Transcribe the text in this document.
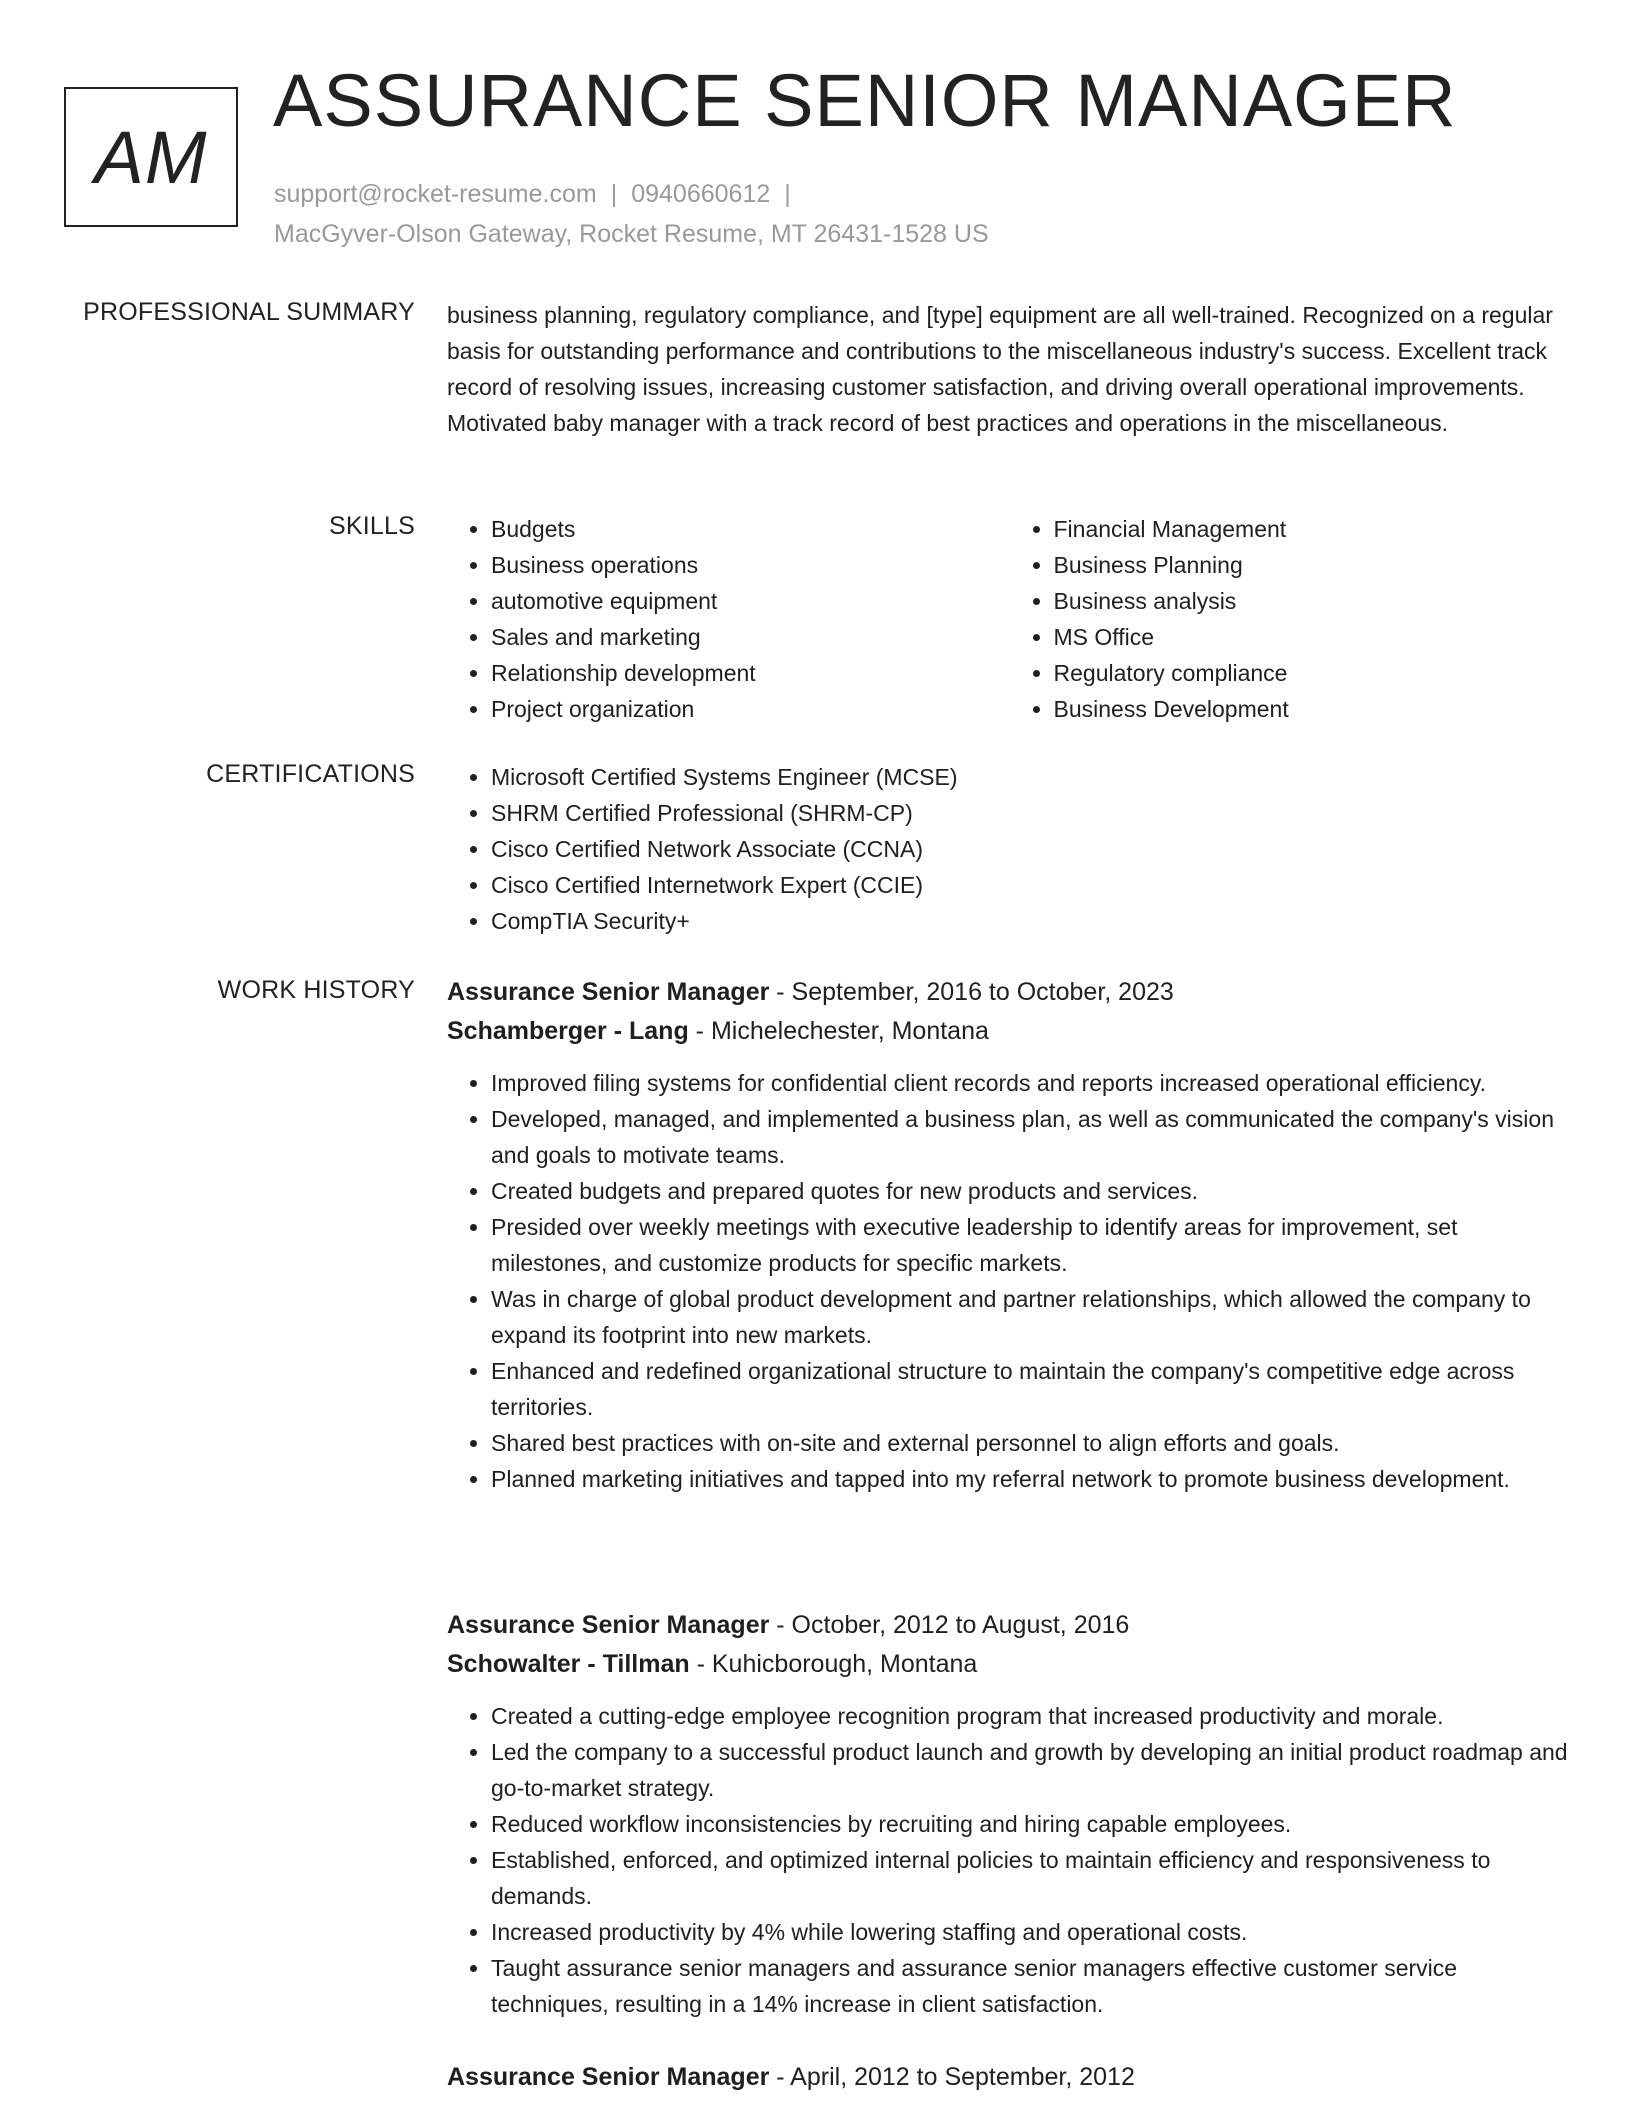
AM
ASSURANCE SENIOR MANAGER
support@rocket-resume.com | 0940660612 |
MacGyver-Olson Gateway, Rocket Resume, MT 26431-1528 US
PROFESSIONAL SUMMARY business planning, regulatory compliance, and [type] equipment are all well-trained. Recognized on a regular basis for outstanding performance and contributions to the miscellaneous industry's success. Excellent track record of resolving issues, increasing customer satisfaction, and driving overall operational improvements. Motivated baby manager with a track record of best practices and operations in the miscellaneous.
SKILLS	• Budgets
• Business operations
• automotive equipment
• Sales and marketing
• Relationship development
• Project organization
• Financial Management
• Business Planning
• Business analysis
• MS Office
• Regulatory compliance
• Business Development
CERTIFICATIONS	• Microsoft Certified Systems Engineer (MCSE)
• SHRM Certified Professional (SHRM-CP)
• Cisco Certified Network Associate (CCNA)
• Cisco Certified Internetwork Expert (CCIE)
• CompTIA Security+
WORK HISTORY Assurance Senior Manager - September, 2016 to October, 2023
Schamberger - Lang - Michelechester, Montana
• Improved filing systems for confidential client records and reports increased operational efficiency.
• Developed, managed, and implemented a business plan, as well as communicated the company's vision and goals to motivate teams.
• Created budgets and prepared quotes for new products and services.
• Presided over weekly meetings with executive leadership to identify areas for improvement, set milestones, and customize products for specific markets.
• Was in charge of global product development and partner relationships, which allowed the company to expand its footprint into new markets.
• Enhanced and redefined organizational structure to maintain the company's competitive edge across territories.
• Shared best practices with on-site and external personnel to align efforts and goals.
• Planned marketing initiatives and tapped into my referral network to promote business development.
Assurance Senior Manager - October, 2012 to August, 2016
Schowalter - Tillman - Kuhicborough, Montana
• Created a cutting-edge employee recognition program that increased productivity and morale.
• Led the company to a successful product launch and growth by developing an initial product roadmap and go-to-market strategy.
• Reduced workflow inconsistencies by recruiting and hiring capable employees.
• Established, enforced, and optimized internal policies to maintain efficiency and responsiveness to demands.
• Increased productivity by 4% while lowering staffing and operational costs.
• Taught assurance senior managers and assurance senior managers effective customer service techniques, resulting in a 14% increase in client satisfaction.
Assurance Senior Manager - April, 2012 to September, 2012
